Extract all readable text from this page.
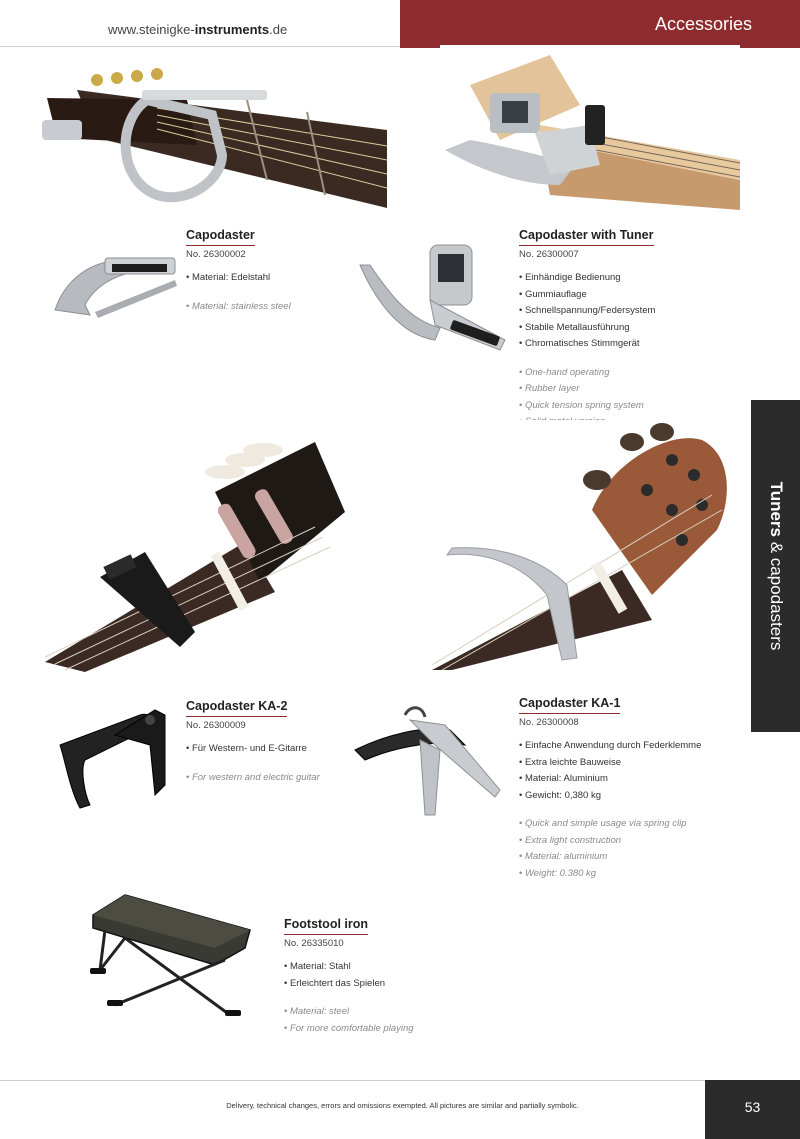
www.steinigke-instruments.de	Accessories
Tuners & capodasters
Capodaster
No. 26300002
• Material: Edelstahl
• Material: stainless steel
Capodaster with Tuner
No. 26300007
• Einhändige Bedienung
• Gummiauflage
• Schnellspannung/Federsystem
• Stabile Metallausführung
• Chromatisches Stimmgerät
• One-hand operating
• Rubber layer
• Quick tension spring system
•
•
Capodaster KA-2
No. 26300009
• Für Western- und E-Gitarre
• For western and electric guitar
Capodaster KA-1
No. 26300008
• Einfache Anwendung durch Federklemme
• Extra leichte Bauweise
• Material: Aluminium
• Gewicht: 0,380 kg
• Quick and simple usage via spring clip
• Extra light construction
• Material: aluminium
• Weight: 0.380 kg
Footstool iron
No. 26335010
• Material: Stahl
• Erleichtert das Spielen
• Material: steel
• For more comfortable playing
Delivery, technical changes, errors and omissions exempted. All pictures are similar and partially symbolic.	53
